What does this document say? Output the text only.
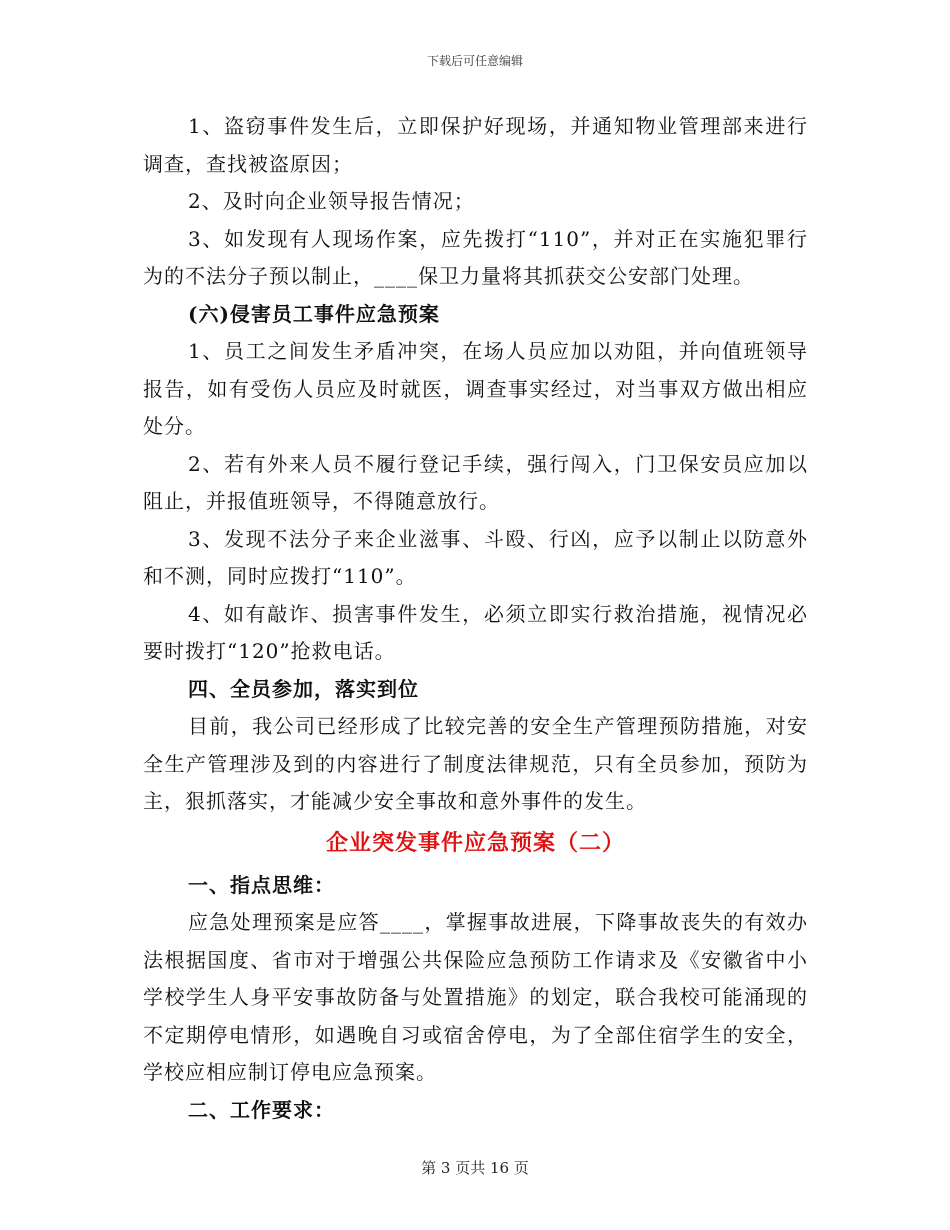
下载后可任意编辑

1、盗窃事件发生后，立即保护好现场，并通知物业管理部来进行调查，查找被盗原因；

2、及时向企业领导报告情况；

3、如发现有人现场作案，应先拨打“110”，并对正在实施犯罪行为的不法分子预以制止，____保卫力量将其抓获交公安部门处理。

(六)侵害员工事件应急预案

1、员工之间发生矛盾冲突，在场人员应加以劝阻，并向值班领导报告，如有受伤人员应及时就医，调查事实经过，对当事双方做出相应处分。

2、若有外来人员不履行登记手续，强行闯入，门卫保安员应加以阻止，并报值班领导，不得随意放行。

3、发现不法分子来企业滋事、斗殴、行凶，应予以制止以防意外和不测，同时应拨打“110”。

4、如有敲诈、损害事件发生，必须立即实行救治措施，视情况必要时拨打“120”抢救电话。

四、全员参加，落实到位

目前，我公司已经形成了比较完善的安全生产管理预防措施，对安全生产管理涉及到的内容进行了制度法律规范，只有全员参加，预防为主，狠抓落实，才能减少安全事故和意外事件的发生。

企业突发事件应急预案（二）

一、指点思维：

应急处理预案是应答____，掌握事故进展，下降事故丧失的有效办法根据国度、省市对于增强公共保险应急预防工作请求及《安徽省中小学校学生人身平安事故防备与处置措施》的划定，联合我校可能涌现的不定期停电情形，如遇晚自习或宿舍停电，为了全部住宿学生的安全，学校应相应制订停电应急预案。

二、工作要求：

第 3 页共 16 页
